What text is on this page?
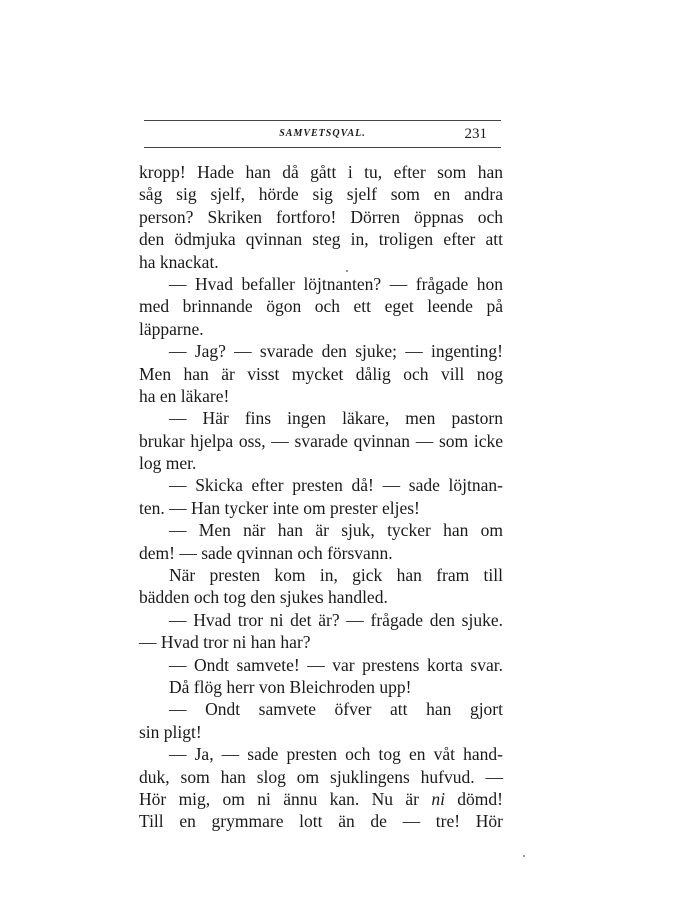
SAMVETSQVAL.	231
kropp! Hade han då gått i tu, efter som han
såg sig sjelf, hörde sig sjelf som en andra
person? Skriken fortforo! Dörren öppnas och
den ödmjuka qvinnan steg in, troligen efter att
ha knackat.
— Hvad befaller löjtnanten? — frågade hon
med brinnande ögon och ett eget leende på
läpparne.
— Jag? — svarade den sjuke; — ingenting!
Men han är visst mycket dålig och vill nog
ha en läkare!
— Här fins ingen läkare, men pastorn
brukar hjelpa oss, — svarade qvinnan — som icke
log mer.
— Skicka efter presten då! — sade löjtnan-
ten. — Han tycker inte om prester eljes!
— Men när han är sjuk, tycker han om
dem! — sade qvinnan och försvann.
När presten kom in, gick han fram till
bädden och tog den sjukes handled.
— Hvad tror ni det är? — frågade den sjuke.
— Hvad tror ni han har?
— Ondt samvete! — var prestens korta svar.
Då flög herr von Bleichroden upp!
— Ondt samvete öfver att han gjort
sin pligt!
— Ja, — sade presten och tog en våt hand-
duk, som han slog om sjuklingens hufvud. —
Hör mig, om ni ännu kan. Nu är ni dömd!
Till en grymmare lott än de — tre! Hör
